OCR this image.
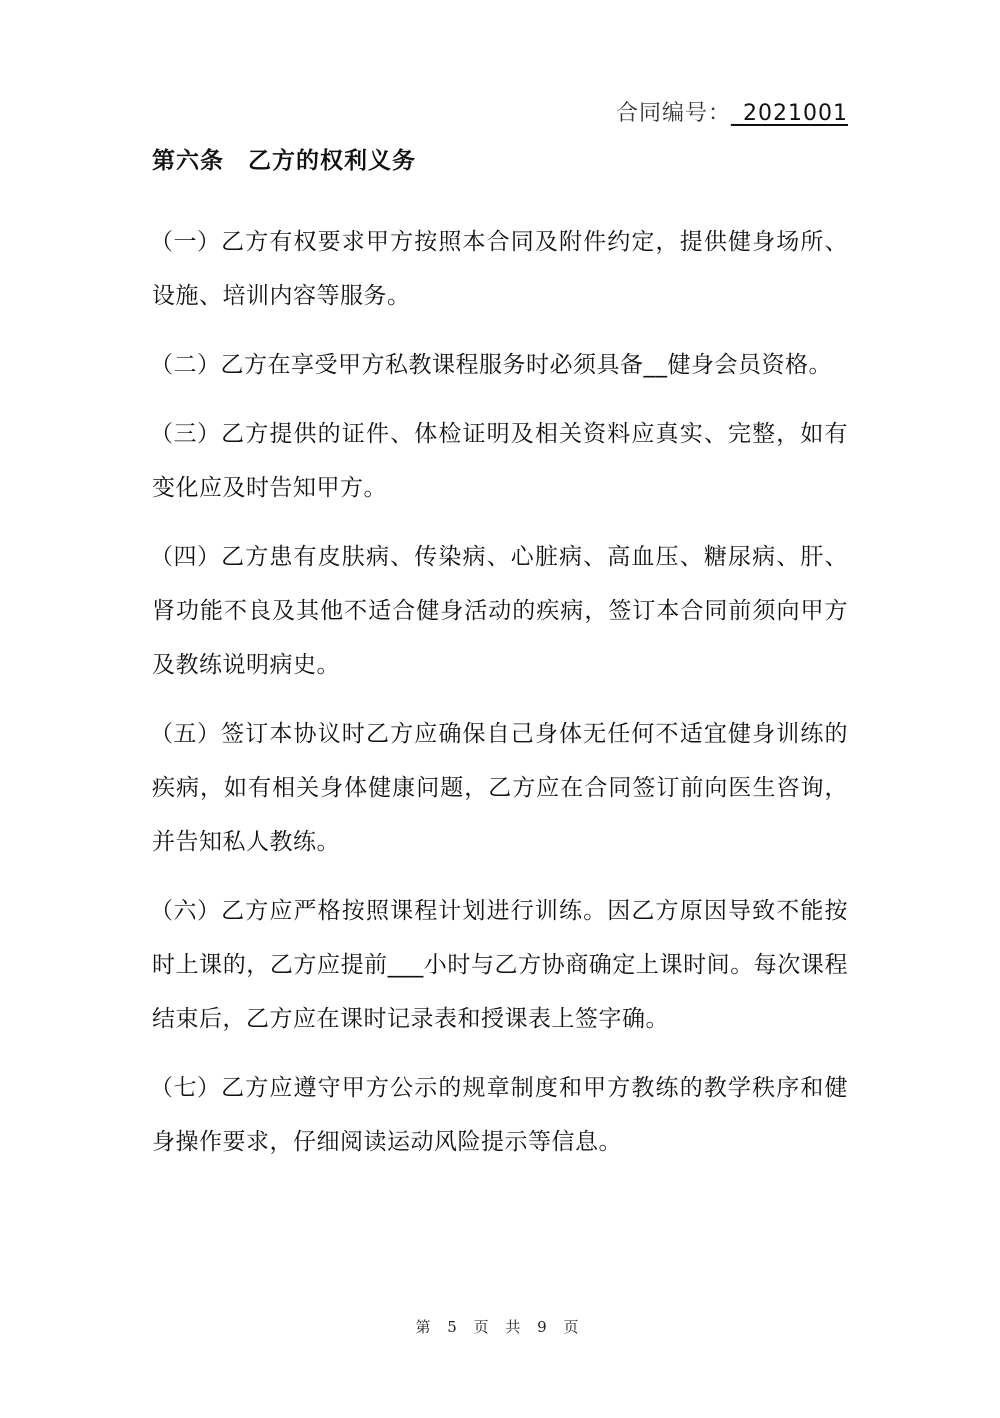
合同编号：_2021001
第六条 乙方的权利义务

（一）乙方有权要求甲方按照本合同及附件约定，提供健身场所、设施、培训内容等服务。

（二）乙方在享受甲方私教课程服务时必须具备__健身会员资格。

（三）乙方提供的证件、体检证明及相关资料应真实、完整，如有变化应及时告知甲方。

（四）乙方患有皮肤病、传染病、心脏病、高血压、糖尿病、肝、肾功能不良及其他不适合健身活动的疾病，签订本合同前须向甲方及教练说明病史。

（五）签订本协议时乙方应确保自己身体无任何不适宜健身训练的疾病，如有相关身体健康问题，乙方应在合同签订前向医生咨询，并告知私人教练。

（六）乙方应严格按照课程计划进行训练。因乙方原因导致不能按时上课的，乙方应提前___小时与乙方协商确定上课时间。每次课程结束后，乙方应在课时记录表和授课表上签字确。

（七）乙方应遵守甲方公示的规章制度和甲方教练的教学秩序和健身操作要求，仔细阅读运动风险提示等信息。

第 5 页 共 9 页
